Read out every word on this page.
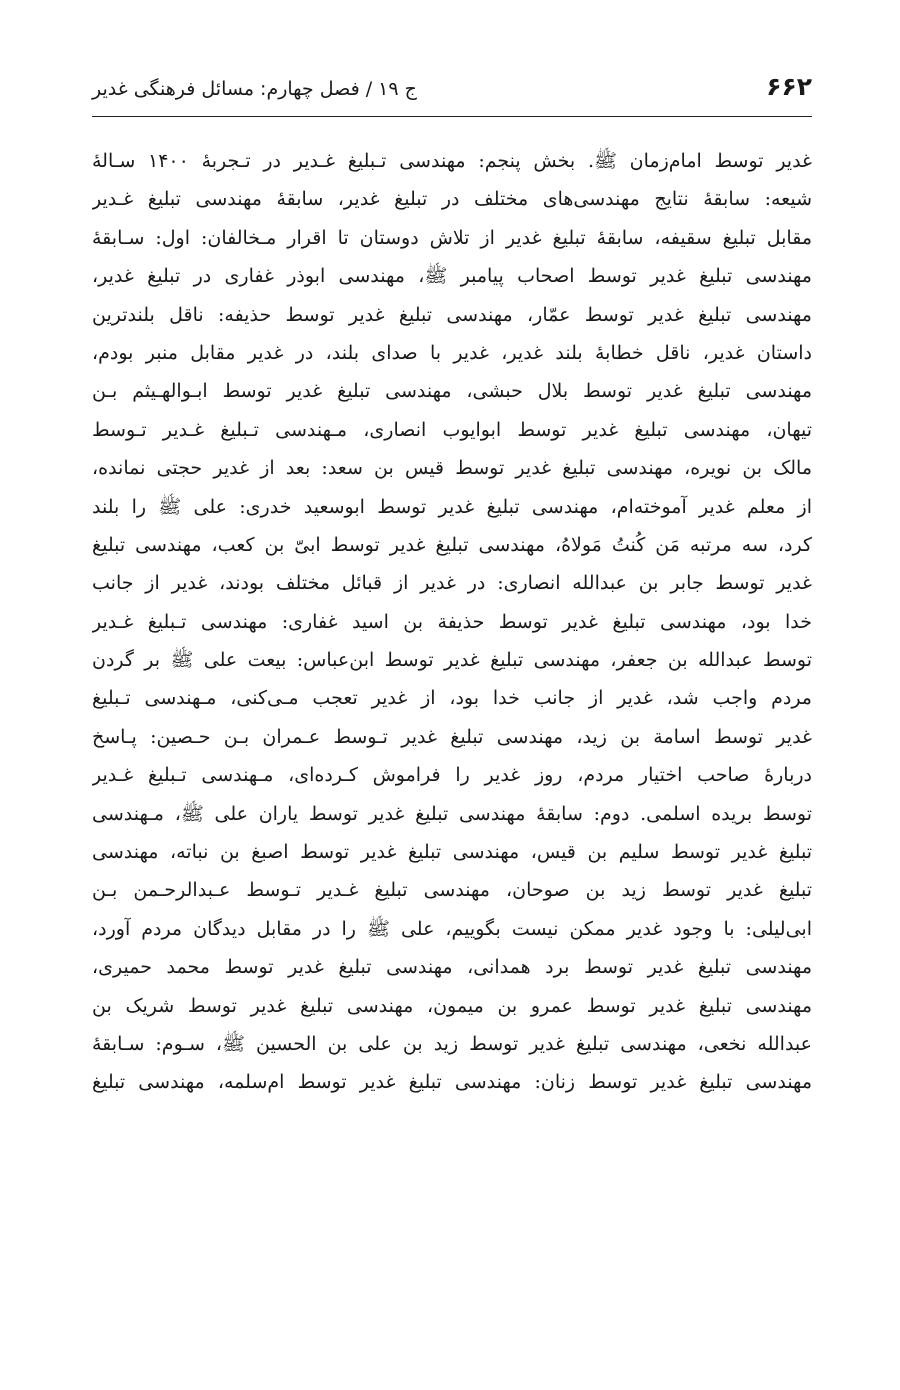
۶۶۲
ج ۱۹ / فصل چهارم: مسائل فرهنگی غدیر
غدیر توسط امام‌زمان ﷺ. بخش پنجم: مهندسی تـبلیغ غـدیر در تـجربهٔ ۱۴۰۰ سـالهٔ
شیعه: سابقهٔ نتایج مهندسی‌های مختلف در تبلیغ غدیر، سابقهٔ مهندسی تبلیغ غـدیر
مقابل تبلیغ سقیفه، سابقهٔ تبلیغ غدیر از تلاش دوستان تا اقرار مـخالفان: اول: سـابقهٔ
مهندسی تبلیغ غدیر توسط اصحاب پیامبر ﷺ، مهندسی ابوذر غفاری در تبلیغ غدیر،
مهندسی تبلیغ غدیر توسط عمّار، مهندسی تبلیغ غدیر توسط حذیفه: ناقل بلندترین
داستان غدیر، ناقل خطابهٔ بلند غدیر، غدیر با صدای بلند، در غدیر مقابل منبر بودم،
مهندسی تبلیغ غدیر توسط بلال حبشی، مهندسی تبلیغ غدیر توسط ابـوالهـیثم بـن
تیهان، مهندسی تبلیغ غدیر توسط ابوایوب انصاری، مـهندسی تـبلیغ غـدیر تـوسط
مالک بن نویره، مهندسی تبلیغ غدیر توسط قیس بن سعد: بعد از غدیر حجتی نمانده،
از معلم غدیر آموخته‌ام، مهندسی تبلیغ غدیر توسط ابوسعید خدری: علی ﷺ را بلند
کرد، سه مرتبه مَن کُنتُ مَولاهُ، مهندسی تبلیغ غدیر توسط ابیّ بن کعب، مهندسی تبلیغ
غدیر توسط جابر بن عبدالله انصاری: در غدیر از قبائل مختلف بودند، غدیر از جانب
خدا بود، مهندسی تبلیغ غدیر توسط حذیفة بن اسید غفاری: مهندسی تـبلیغ غـدیر
توسط عبدالله بن جعفر، مهندسی تبلیغ غدیر توسط ابن‌عباس: بیعت علی ﷺ بر گردن
مردم واجب شد، غدیر از جانب خدا بود، از غدیر تعجب مـی‌کنی، مـهندسی تـبلیغ
غدیر توسط اسامة بن زید، مهندسی تبلیغ غدیر تـوسط عـمران بـن حـصین: پـاسخ
دربارهٔ صاحب اختیار مردم، روز غدیر را فراموش کـرده‌ای، مـهندسی تـبلیغ غـدیر
توسط بریده اسلمی. دوم: سابقهٔ مهندسی تبلیغ غدیر توسط یاران علی ﷺ، مـهندسی
تبلیغ غدیر توسط سلیم بن قیس، مهندسی تبلیغ غدیر توسط اصبغ بن نباته، مهندسی
تبلیغ غدیر توسط زید بن صوحان، مهندسی تبلیغ غـدیر تـوسط عـبدالرحـمن بـن
ابی‌لیلی: با وجود غدیر ممکن نیست بگوییم، علی ﷺ را در مقابل دیدگان مردم آورد،
مهندسی تبلیغ غدیر توسط برد همدانی، مهندسی تبلیغ غدیر توسط محمد حمیری،
مهندسی تبلیغ غدیر توسط عمرو بن میمون، مهندسی تبلیغ غدیر توسط شریک بن
عبدالله نخعی، مهندسی تبلیغ غدیر توسط زید بن علی بن الحسین ﷺ، سـوم: سـابقهٔ
مهندسی تبلیغ غدیر توسط زنان: مهندسی تبلیغ غدیر توسط ام‌سلمه، مهندسی تبلیغ
